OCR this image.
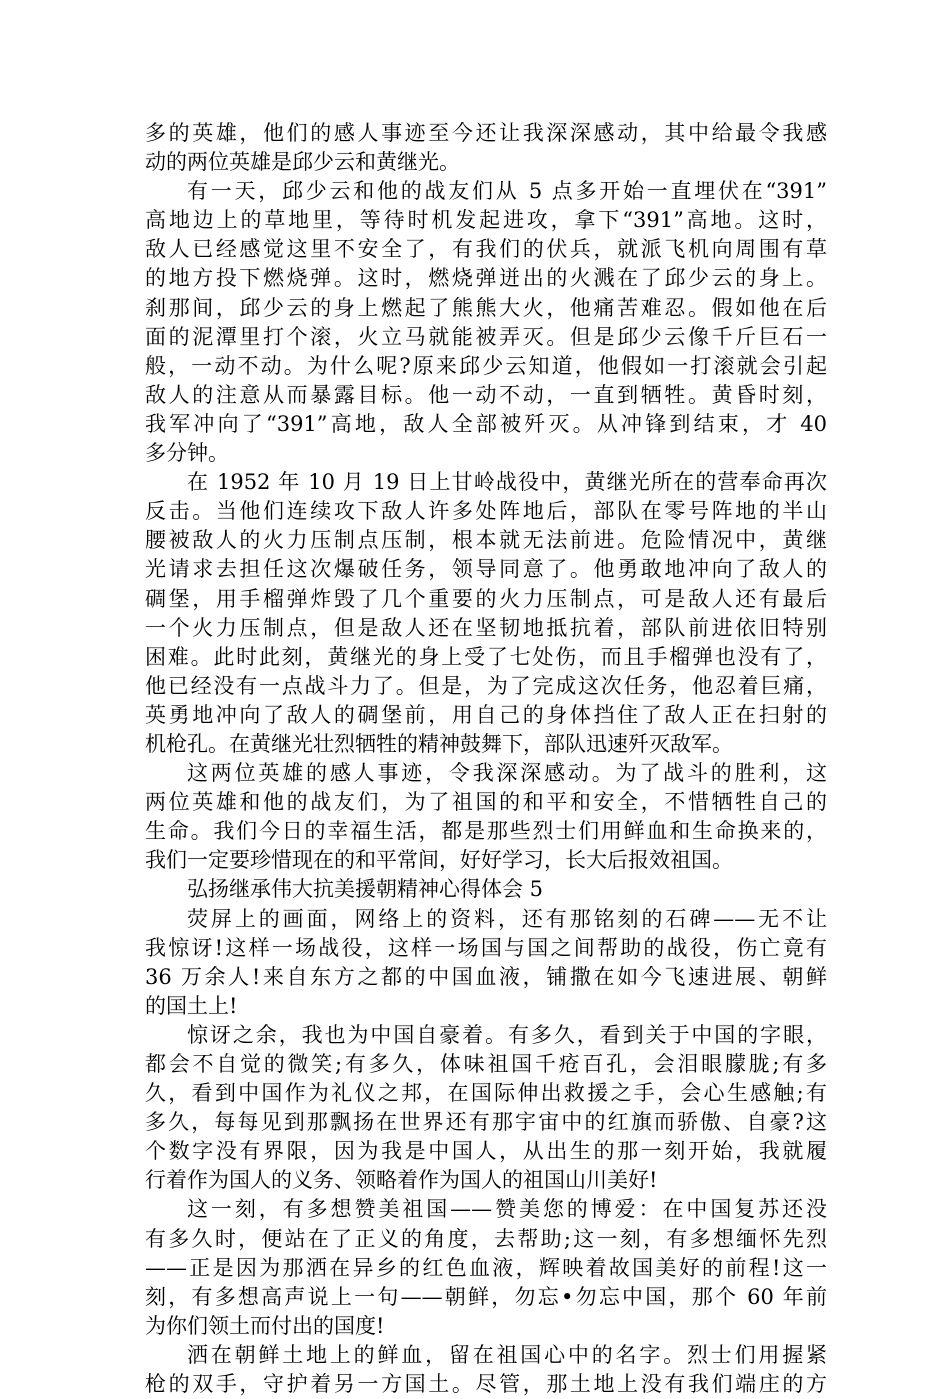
多的英雄，他们的感人事迹至今还让我深深感动，其中给最令我感
动的两位英雄是邱少云和黄继光。
有一天，邱少云和他的战友们从 5 点多开始一直埋伏在“391”
高地边上的草地里，等待时机发起进攻，拿下“391”高地。这时，
敌人已经感觉这里不安全了，有我们的伏兵，就派飞机向周围有草
的地方投下燃烧弹。这时，燃烧弹迸出的火溅在了邱少云的身上。
刹那间，邱少云的身上燃起了熊熊大火，他痛苦难忍。假如他在后
面的泥潭里打个滚，火立马就能被弄灭。但是邱少云像千斤巨石一
般，一动不动。为什么呢?原来邱少云知道，他假如一打滚就会引起
敌人的注意从而暴露目标。他一动不动，一直到牺牲。黄昏时刻，
我军冲向了“391”高地，敌人全部被歼灭。从冲锋到结束，才 40
多分钟。
在 1952 年 10 月 19 日上甘岭战役中，黄继光所在的营奉命再次
反击。当他们连续攻下敌人许多处阵地后，部队在零号阵地的半山
腰被敌人的火力压制点压制，根本就无法前进。危险情况中，黄继
光请求去担任这次爆破任务，领导同意了。他勇敢地冲向了敌人的
碉堡，用手榴弹炸毁了几个重要的火力压制点，可是敌人还有最后
一个火力压制点，但是敌人还在坚韧地抵抗着，部队前进依旧特别
困难。此时此刻，黄继光的身上受了七处伤，而且手榴弹也没有了，
他已经没有一点战斗力了。但是，为了完成这次任务，他忍着巨痛，
英勇地冲向了敌人的碉堡前，用自己的身体挡住了敌人正在扫射的
机枪孔。在黄继光壮烈牺牲的精神鼓舞下，部队迅速歼灭敌军。
这两位英雄的感人事迹，令我深深感动。为了战斗的胜利，这
两位英雄和他的战友们，为了祖国的和平和安全，不惜牺牲自己的
生命。我们今日的幸福生活，都是那些烈士们用鲜血和生命换来的，
我们一定要珍惜现在的和平常间，好好学习，长大后报效祖国。
弘扬继承伟大抗美援朝精神心得体会 5
荧屏上的画面，网络上的资料，还有那铭刻的石碑——无不让
我惊讶!这样一场战役，这样一场国与国之间帮助的战役，伤亡竟有
36 万余人!来自东方之都的中国血液，铺撒在如今飞速进展、朝鲜
的国土上!
惊讶之余，我也为中国自豪着。有多久，看到关于中国的字眼，
都会不自觉的微笑;有多久，体味祖国千疮百孔，会泪眼朦胧;有多
久，看到中国作为礼仪之邦，在国际伸出救援之手，会心生感触;有
多久，每每见到那飘扬在世界还有那宇宙中的红旗而骄傲、自豪?这
个数字没有界限，因为我是中国人，从出生的那一刻开始，我就履
行着作为国人的义务、领略着作为国人的祖国山川美好!
这一刻，有多想赞美祖国——赞美您的博爱：在中国复苏还没
有多久时，便站在了正义的角度，去帮助;这一刻，有多想缅怀先烈
——正是因为那洒在异乡的红色血液，辉映着故国美好的前程!这一
刻，有多想高声说上一句——朝鲜，勿忘•勿忘中国，那个 60 年前
为你们领土而付出的国度!
洒在朝鲜土地上的鲜血，留在祖国心中的名字。烈士们用握紧
枪的双手，守护着另一方国土。尽管，那土地上没有我们端庄的方
